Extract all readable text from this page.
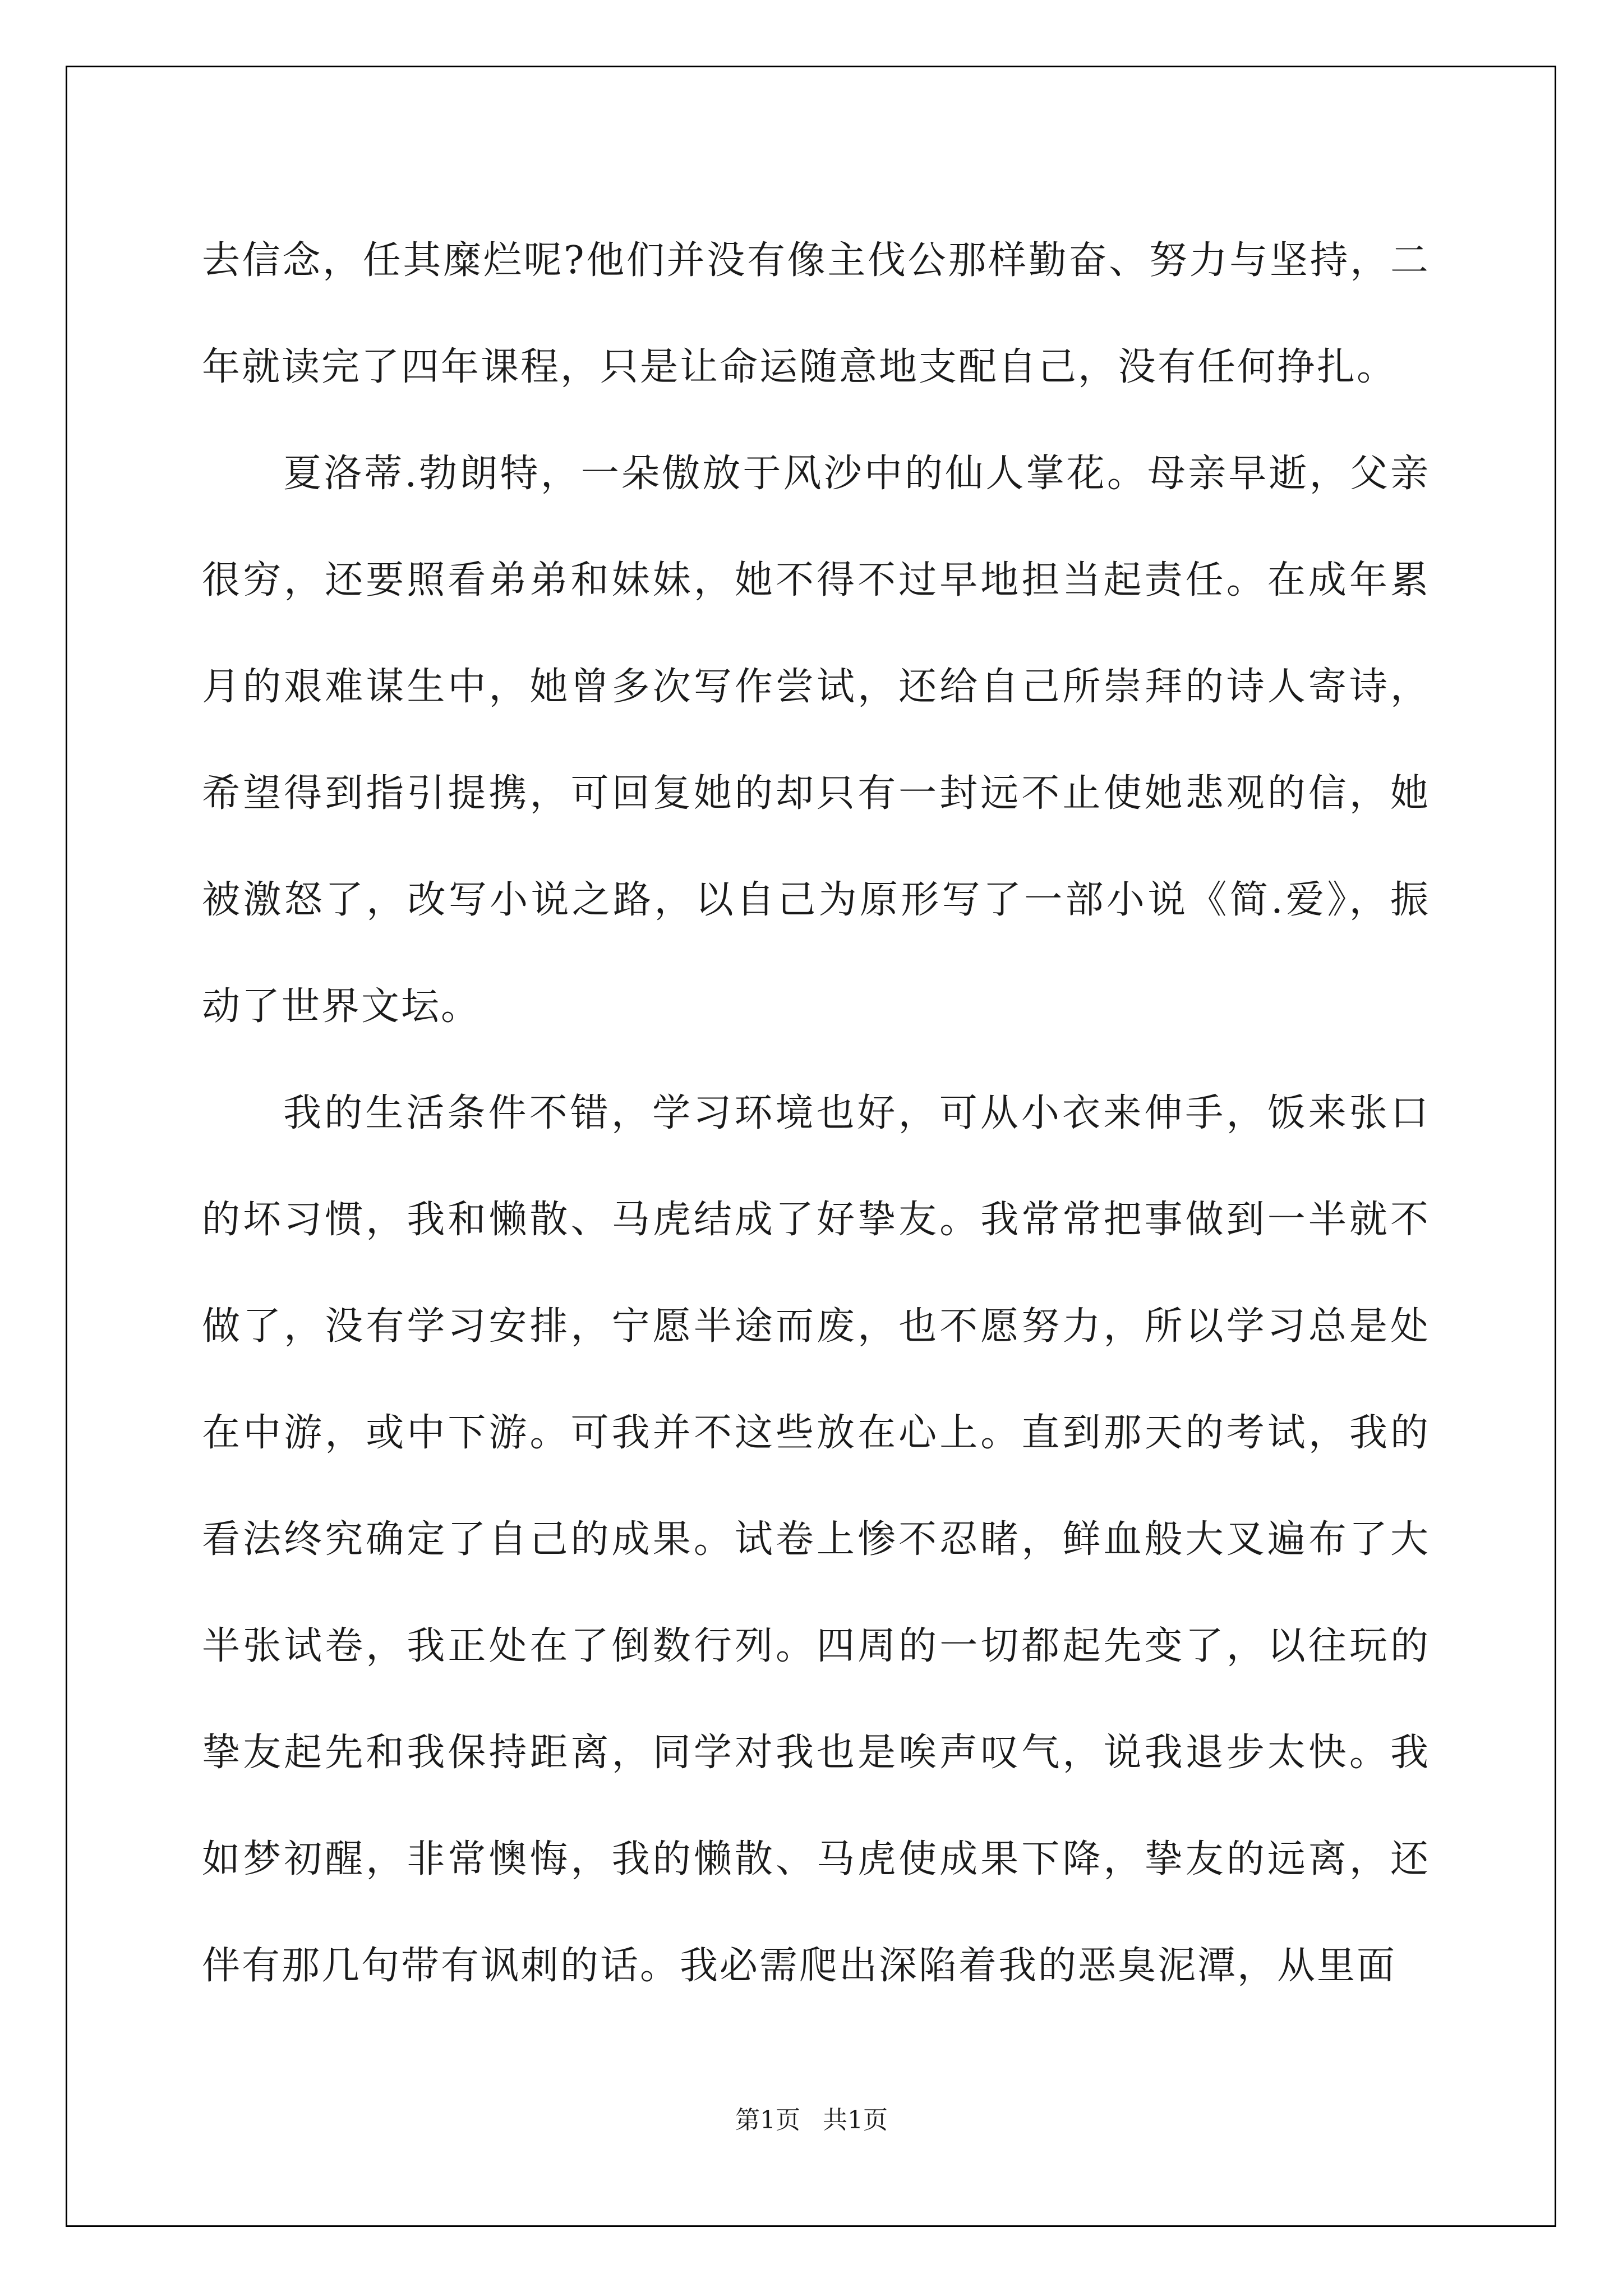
去信念，任其糜烂呢?他们并没有像主伐公那样勤奋、努力与坚持，二年就读完了四年课程，只是让命运随意地支配自己，没有任何挣扎。

夏洛蒂.勃朗特，一朵傲放于风沙中的仙人掌花。母亲早逝，父亲很穷，还要照看弟弟和妹妹，她不得不过早地担当起责任。在成年累月的艰难谋生中，她曾多次写作尝试，还给自己所崇拜的诗人寄诗，希望得到指引提携，可回复她的却只有一封远不止使她悲观的信，她被激怒了，改写小说之路，以自己为原形写了一部小说《简.爱》，振动了世界文坛。

我的生活条件不错，学习环境也好，可从小衣来伸手，饭来张口的坏习惯，我和懒散、马虎结成了好挚友。我常常把事做到一半就不做了，没有学习安排，宁愿半途而废，也不愿努力，所以学习总是处在中游，或中下游。可我并不这些放在心上。直到那天的考试，我的看法终究确定了自己的成果。试卷上惨不忍睹，鲜血般大叉遍布了大半张试卷，我正处在了倒数行列。四周的一切都起先变了，以往玩的挚友起先和我保持距离，同学对我也是唉声叹气，说我退步太快。我如梦初醒，非常懊悔，我的懒散、马虎使成果下降，挚友的远离，还伴有那几句带有讽刺的话。我必需爬出深陷着我的恶臭泥潭，从里面

第1页 共1页
